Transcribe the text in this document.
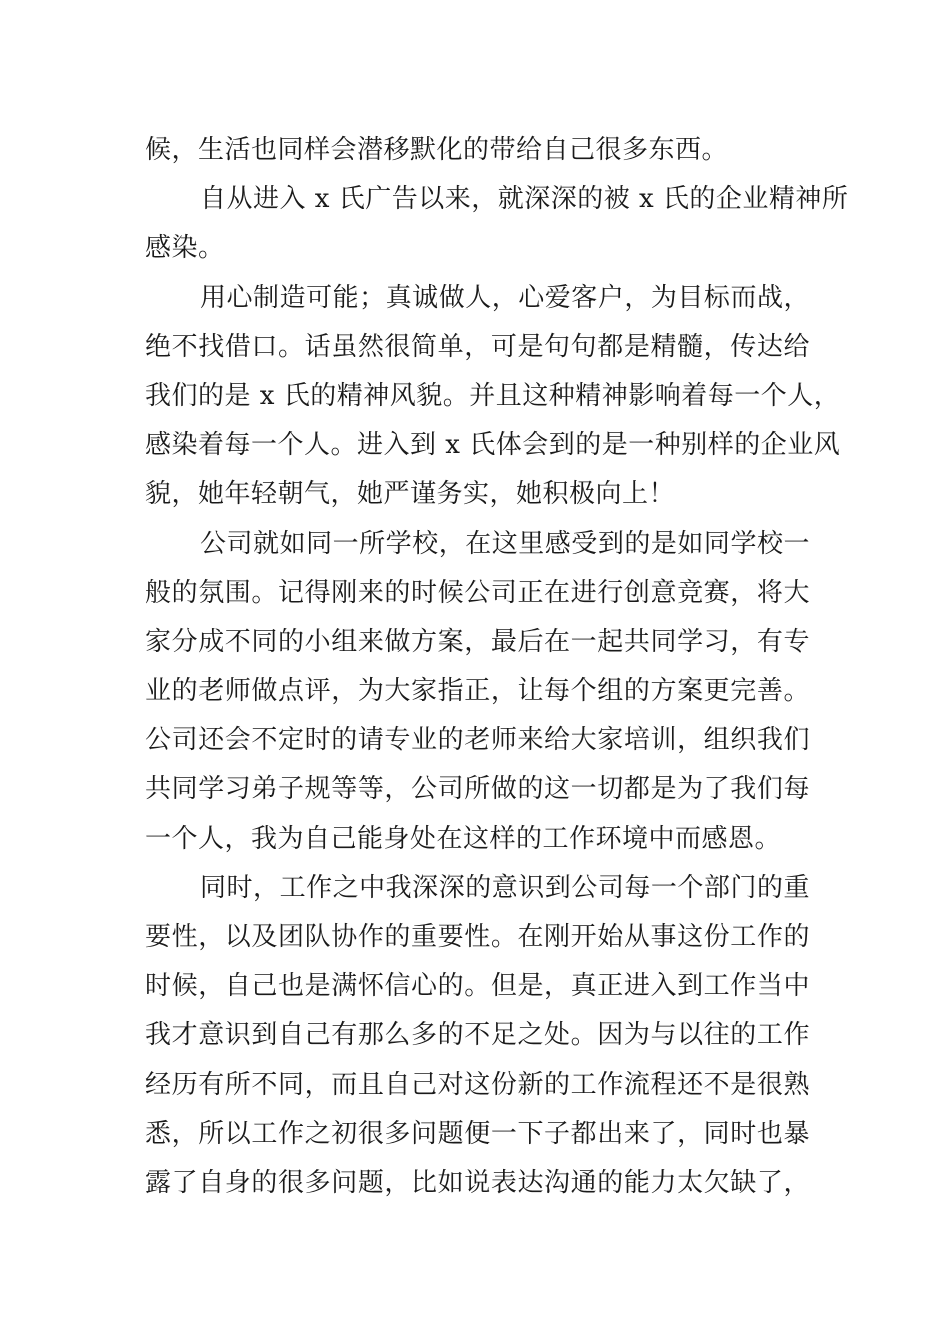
候，生活也同样会潜移默化的带给自己很多东西。
自从进入 x 氏广告以来，就深深的被 x 氏的企业精神所
感染。
用心制造可能；真诚做人，心爱客户，为目标而战，
绝不找借口。话虽然很简单，可是句句都是精髓，传达给
我们的是 x 氏的精神风貌。并且这种精神影响着每一个人，
感染着每一个人。进入到 x 氏体会到的是一种别样的企业风
貌，她年轻朝气，她严谨务实，她积极向上！
公司就如同一所学校，在这里感受到的是如同学校一
般的氛围。记得刚来的时候公司正在进行创意竞赛，将大
家分成不同的小组来做方案，最后在一起共同学习，有专
业的老师做点评，为大家指正，让每个组的方案更完善。
公司还会不定时的请专业的老师来给大家培训，组织我们
共同学习弟子规等等，公司所做的这一切都是为了我们每
一个人，我为自己能身处在这样的工作环境中而感恩。
同时，工作之中我深深的意识到公司每一个部门的重
要性，以及团队协作的重要性。在刚开始从事这份工作的
时候，自己也是满怀信心的。但是，真正进入到工作当中
我才意识到自己有那么多的不足之处。因为与以往的工作
经历有所不同，而且自己对这份新的工作流程还不是很熟
悉，所以工作之初很多问题便一下子都出来了，同时也暴
露了自身的很多问题，比如说表达沟通的能力太欠缺了，
